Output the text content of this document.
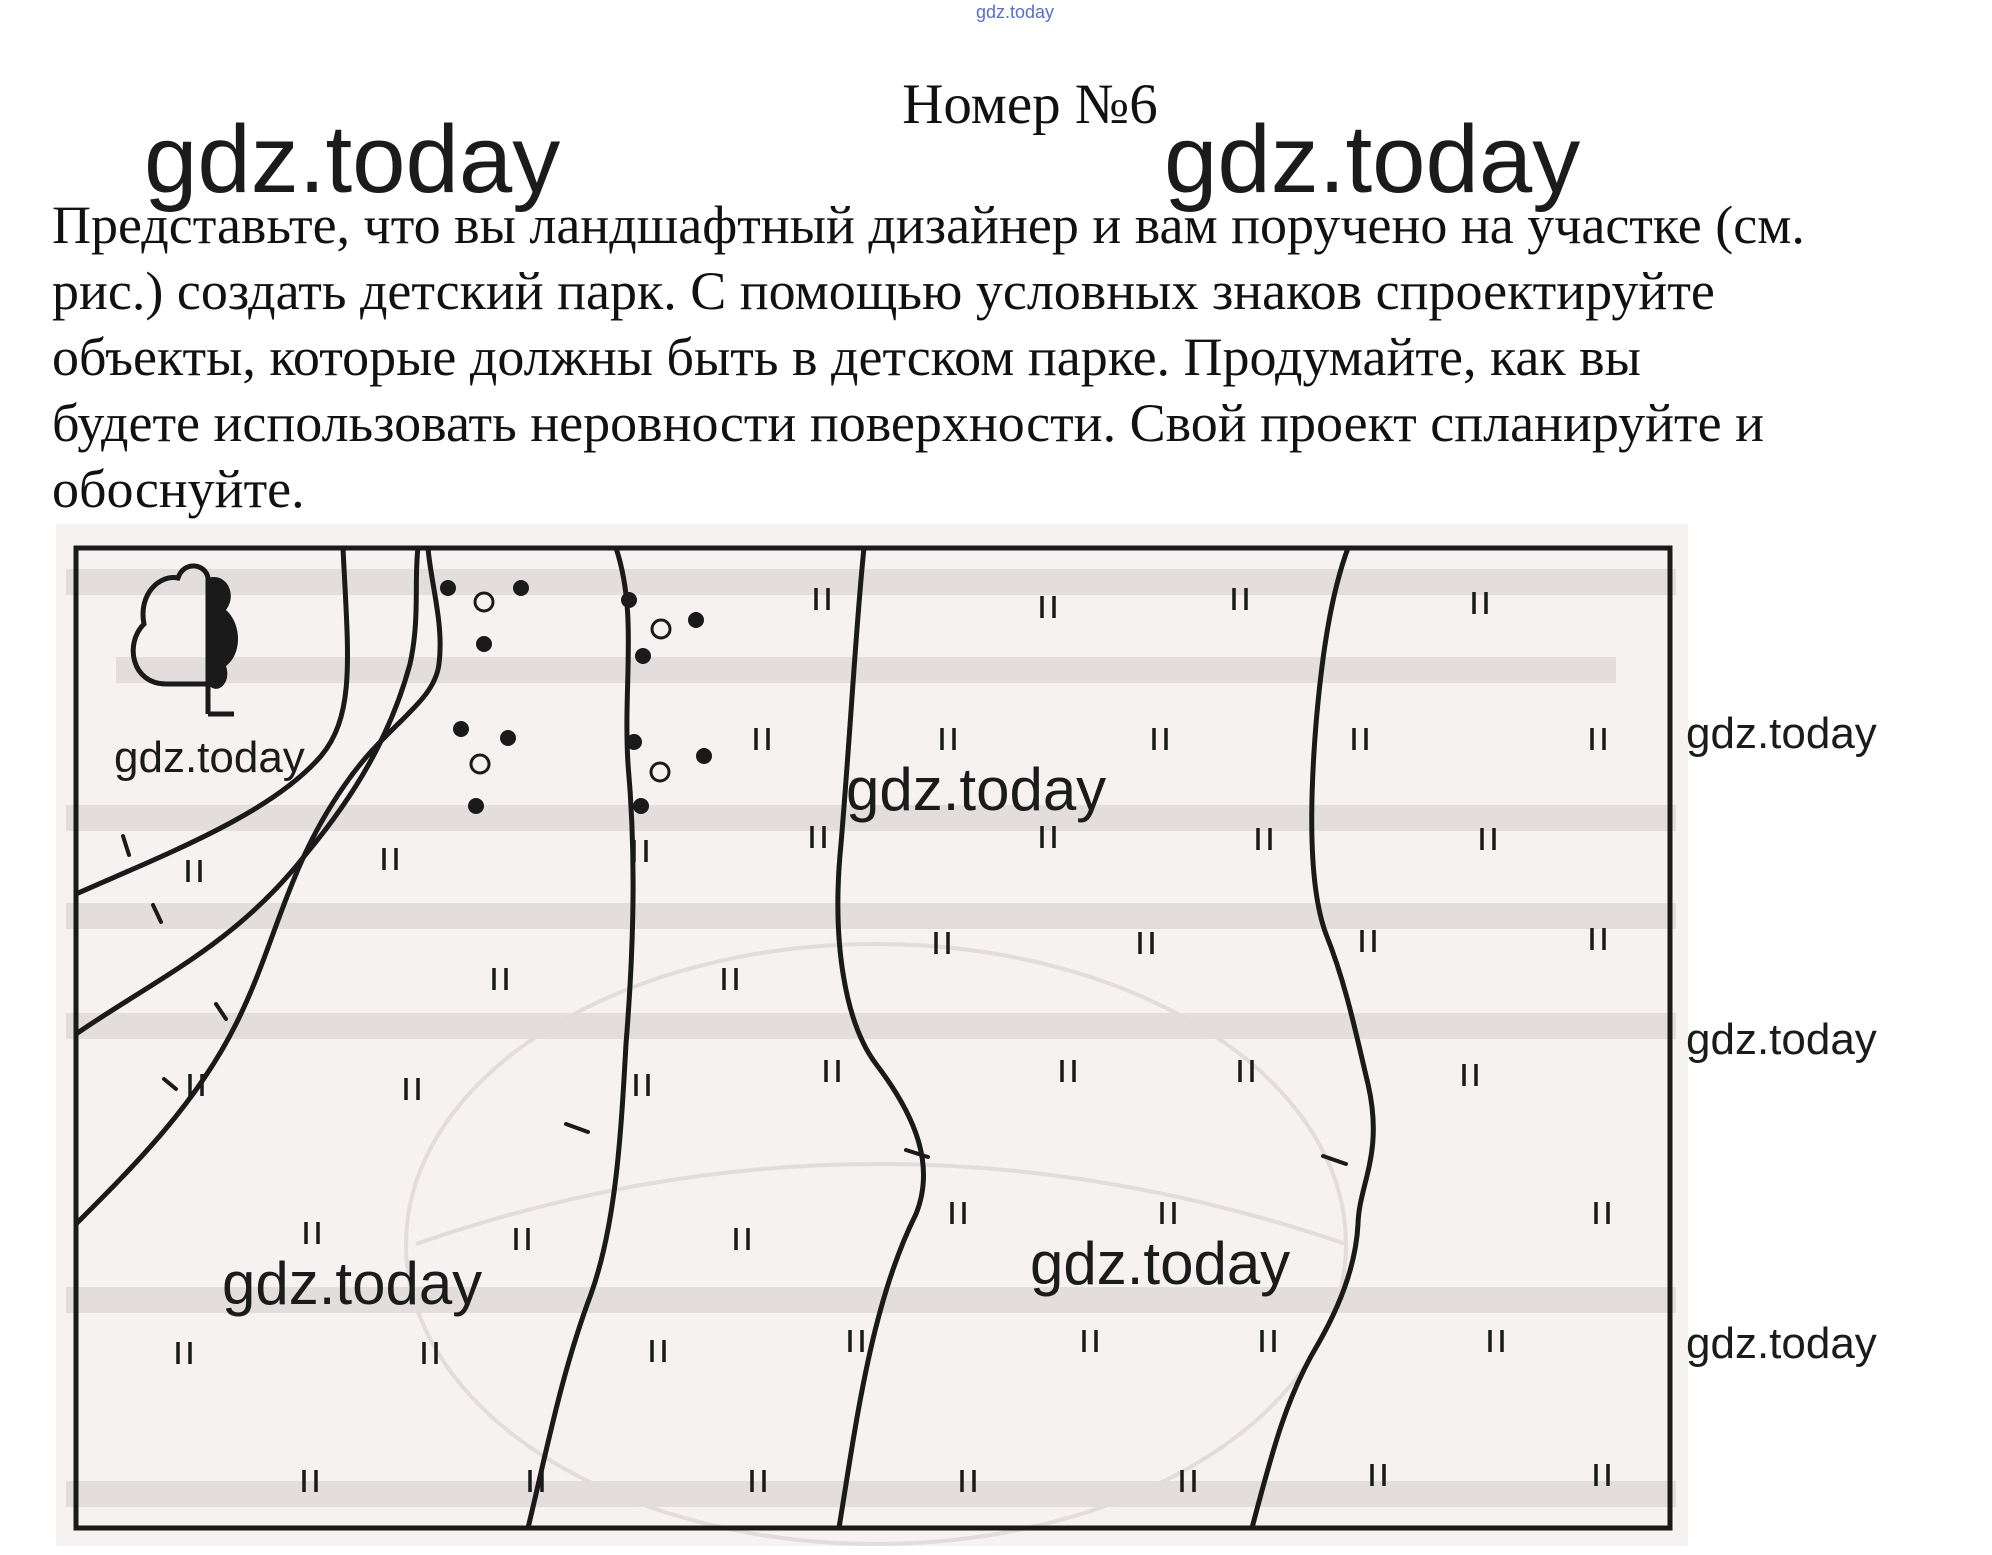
gdz.today
Номер №6
gdz.today	gdz.today
gdz.today	gdz.today
gdz.today	gdz.today
gdz.today
gdz.today
gdz.today
Представьте, что вы ландшафтный дизайнер и вам поручено на участке (см.
рис.) создать детский парк. С помощью условных знаков спроектируйте
объекты, которые должны быть в детском парке. Продумайте, как вы
будете использовать неровности поверхности. Свой проект спланируйте и
обоснуйте.
